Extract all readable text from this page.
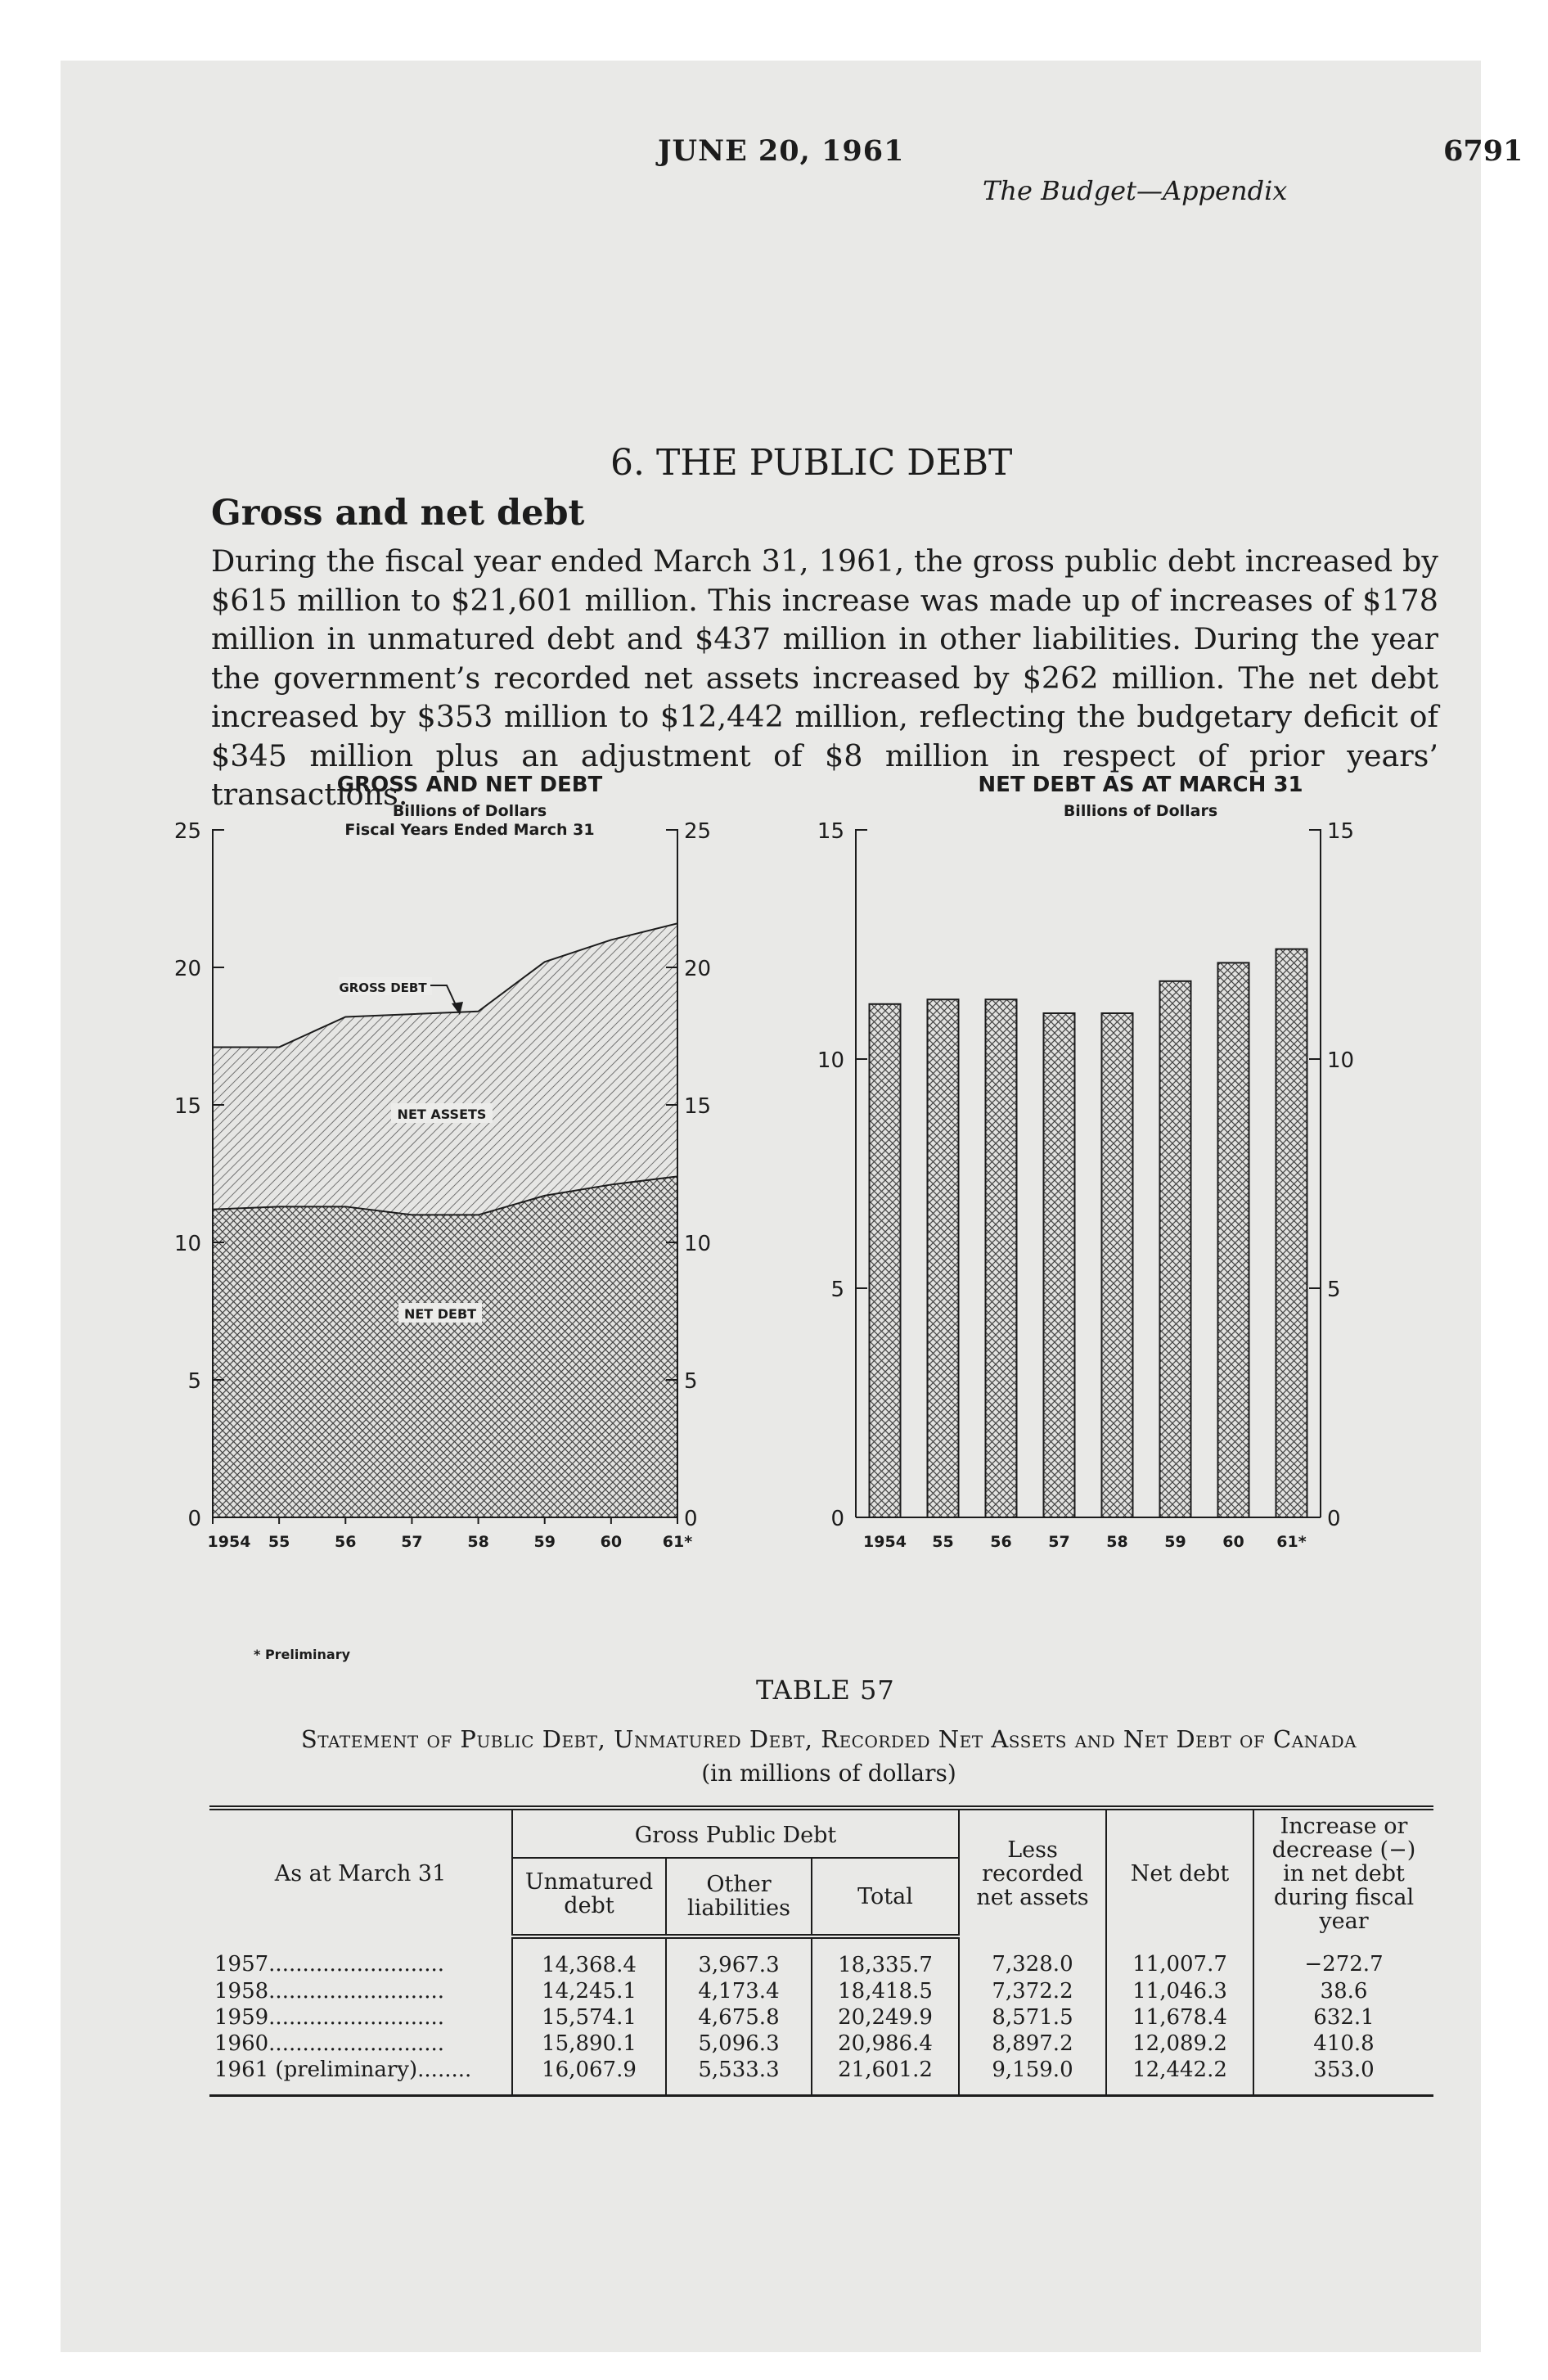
JUNE 20, 1961	6791
The Budget—Appendix
6. THE PUBLIC DEBT
Gross and net debt
During the fiscal year ended March 31, 1961, the gross public debt increased by $615 million to $21,601 million. This increase was made up of increases of $178 million in unmatured debt and $437 million in other liabilities. During the year the government’s recorded net assets increased by $262 million. The net debt increased by $353 million to $12,442 million, reflecting the budgetary deficit of $345 million plus an adjustment of $8 million in respect of prior years’ transactions.
GROSS AND NET DEBT
Billions of Dollars
Fiscal Years Ended March 31
NET DEBT AS AT MARCH 31
Billions of Dollars
0	0
5	5
10	10
15	15
20	20
25	25
1954 55	56	57	58	59	60	61*
NET ASSETS
NET DEBT
GROSS DEBT
1954 55 56 57 58 59 60 61*
0	0
5	5
10	10
15	15
* Preliminary
TABLE 57
Statement of Public Debt, Unmatured Debt, Recorded Net Assets and Net Debt of Canada
(in millions of dollars)
As at March 31	Gross Public Debt			Less recorded net assets	Net debt	Increase or decrease (−) in net debt during fiscal year
	Unmatured debt	Other liabilities	Total			
1957..........................	14,368.4	3,967.3	18,335.7	7,328.0	11,007.7	−272.7
1958..........................	14,245.1	4,173.4	18,418.5	7,372.2	11,046.3	38.6
1959..........................	15,574.1	4,675.8	20,249.9	8,571.5	11,678.4	632.1
1960..........................	15,890.1	5,096.3	20,986.4	8,897.2	12,089.2	410.8
1961 (preliminary)........	16,067.9	5,533.3	21,601.2	9,159.0	12,442.2	353.0
